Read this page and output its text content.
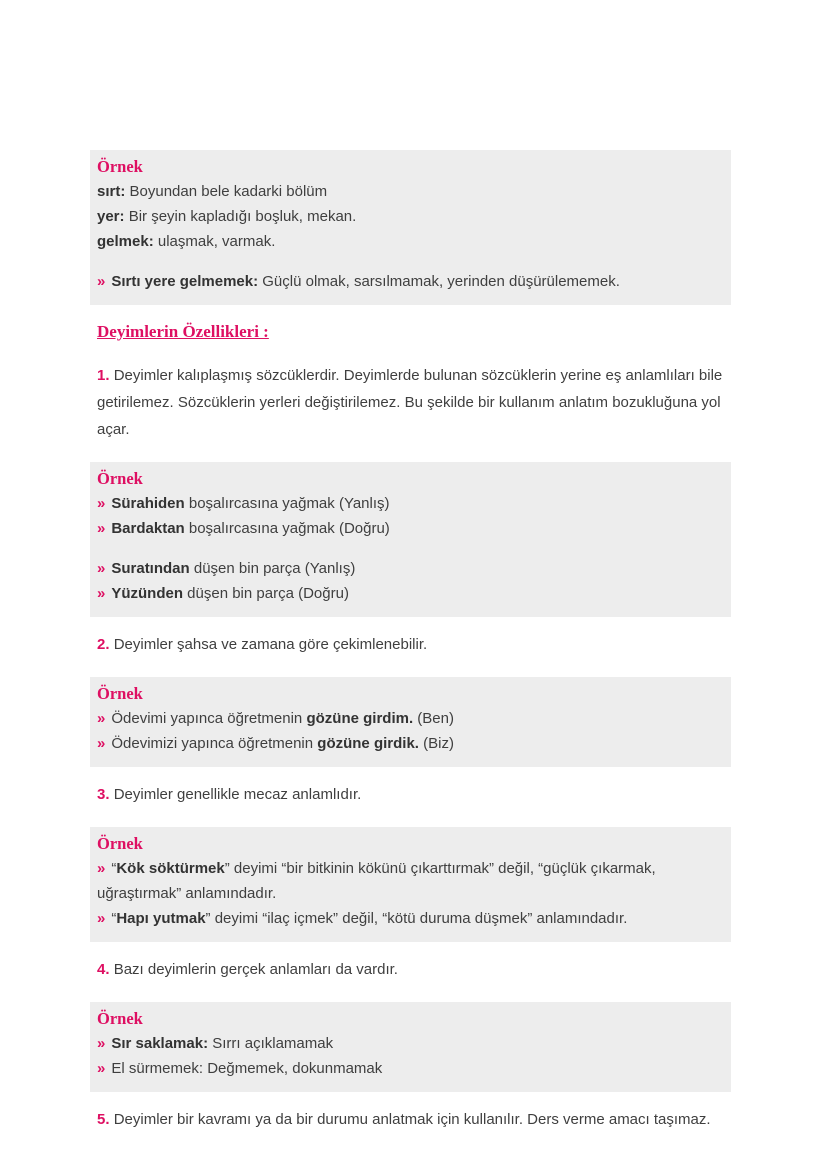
Örnek
sırt: Boyundan bele kadarki bölüm
yer: Bir şeyin kapladığı boşluk, mekan.
gelmek: ulaşmak, varmak.
» Sırtı yere gelmemek: Güçlü olmak, sarsılmamak, yerinden düşürülememek.
Deyimlerin Özellikleri :

1. Deyimler kalıplaşmış sözcüklerdir. Deyimlerde bulunan sözcüklerin yerine eş anlamlıları bile getirilemez. Sözcüklerin yerleri değiştirilemez. Bu şekilde bir kullanım anlatım bozukluğuna yol açar.

Örnek
» Sürahiden boşalırcasına yağmak (Yanlış)
» Bardaktan boşalırcasına yağmak (Doğru)
» Suratından düşen bin parça (Yanlış)
» Yüzünden düşen bin parça (Doğru)

2. Deyimler şahsa ve zamana göre çekimlenebilir.

Örnek
» Ödevimi yapınca öğretmenin gözüne girdim. (Ben)
» Ödevimizi yapınca öğretmenin gözüne girdik. (Biz)

3. Deyimler genellikle mecaz anlamlıdır.

Örnek
» “Kök söktürmek” deyimi “bir bitkinin kökünü çıkarttırmak” değil, “güçlük çıkarmak, uğraştırmak” anlamındadır.
» “Hapı yutmak” deyimi “ilaç içmek” değil, “kötü duruma düşmek” anlamındadır.

4. Bazı deyimlerin gerçek anlamları da vardır.

Örnek
» Sır saklamak: Sırrı açıklamamak
» El sürmemek: Değmemek, dokunmamak

5. Deyimler bir kavramı ya da bir durumu anlatmak için kullanılır. Ders verme amacı taşımaz.
